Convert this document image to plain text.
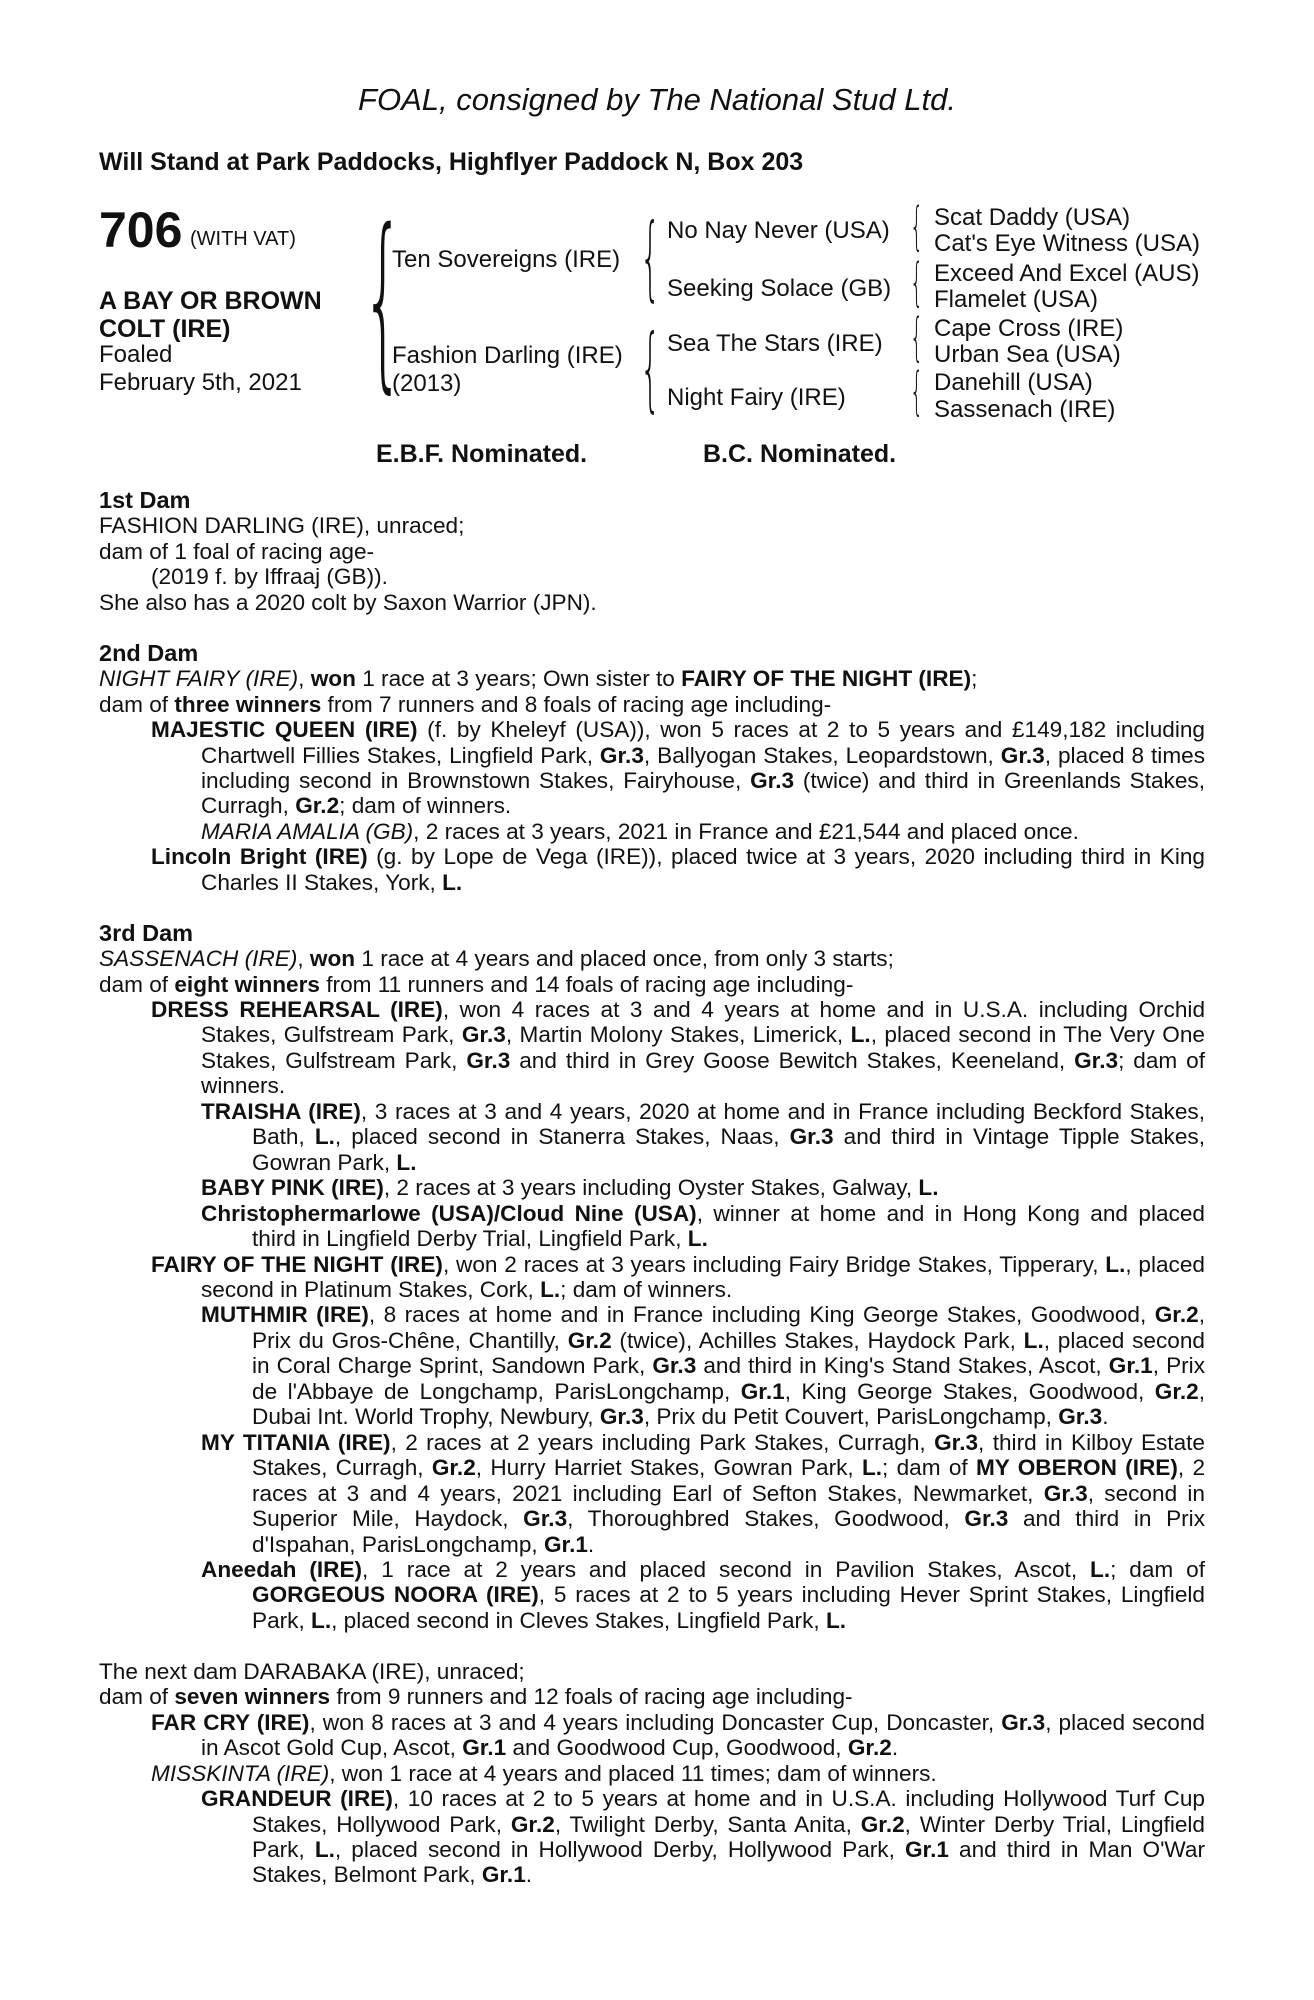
FOAL, consigned by The National Stud Ltd.
Will Stand at Park Paddocks, Highflyer Paddock N, Box 203
706 (WITH VAT)
A BAY OR BROWN
COLT (IRE)
Foaled
February 5th, 2021 {
Ten Sovereigns (IRE)
Fashion Darling (IRE)
(2013)
{ No Nay Never (USA)
Seeking Solace (GB)
{ Sea The Stars (IRE)
Night Fairy (IRE)
{ Scat Daddy (USA)
Cat's Eye Witness (USA)
{ Exceed And Excel (AUS)
Flamelet (USA)
{ Cape Cross (IRE)
Urban Sea (USA)
{ Danehill (USA)
Sassenach (IRE)
E.B.F. Nominated.	B.C. Nominated.
1st Dam
FASHION DARLING (IRE), unraced;
dam of 1 foal of racing age-
(2019 f. by Iffraaj (GB)).
She also has a 2020 colt by Saxon Warrior (JPN).
2nd Dam
NIGHT FAIRY (IRE), won 1 race at 3 years; Own sister to FAIRY OF THE NIGHT (IRE);
dam of three winners from 7 runners and 8 foals of racing age including-
MAJESTIC QUEEN (IRE) (f. by Kheleyf (USA)), won 5 races at 2 to 5 years and £149,182 including Chartwell Fillies Stakes, Lingfield Park, Gr.3, Ballyogan Stakes, Leopardstown, Gr.3, placed 8 times including second in Brownstown Stakes, Fairyhouse, Gr.3 (twice) and third in Greenlands Stakes, Curragh, Gr.2; dam of winners.
MARIA AMALIA (GB), 2 races at 3 years, 2021 in France and £21,544 and placed once.
Lincoln Bright (IRE) (g. by Lope de Vega (IRE)), placed twice at 3 years, 2020 including third in King Charles II Stakes, York, L.
3rd Dam
SASSENACH (IRE), won 1 race at 4 years and placed once, from only 3 starts;
dam of eight winners from 11 runners and 14 foals of racing age including-
DRESS REHEARSAL (IRE), won 4 races at 3 and 4 years at home and in U.S.A. including Orchid Stakes, Gulfstream Park, Gr.3, Martin Molony Stakes, Limerick, L., placed second in The Very One Stakes, Gulfstream Park, Gr.3 and third in Grey Goose Bewitch Stakes, Keeneland, Gr.3; dam of winners.
TRAISHA (IRE), 3 races at 3 and 4 years, 2020 at home and in France including Beckford Stakes, Bath, L., placed second in Stanerra Stakes, Naas, Gr.3 and third in Vintage Tipple Stakes, Gowran Park, L.
BABY PINK (IRE), 2 races at 3 years including Oyster Stakes, Galway, L.
Christophermarlowe (USA)/Cloud Nine (USA), winner at home and in Hong Kong and placed third in Lingfield Derby Trial, Lingfield Park, L.
FAIRY OF THE NIGHT (IRE), won 2 races at 3 years including Fairy Bridge Stakes, Tipperary, L., placed second in Platinum Stakes, Cork, L.; dam of winners.
MUTHMIR (IRE), 8 races at home and in France including King George Stakes, Goodwood, Gr.2, Prix du Gros-Chêne, Chantilly, Gr.2 (twice), Achilles Stakes, Haydock Park, L., placed second in Coral Charge Sprint, Sandown Park, Gr.3 and third in King's Stand Stakes, Ascot, Gr.1, Prix de l'Abbaye de Longchamp, ParisLongchamp, Gr.1, King George Stakes, Goodwood, Gr.2, Dubai Int. World Trophy, Newbury, Gr.3, Prix du Petit Couvert, ParisLongchamp, Gr.3.
MY TITANIA (IRE), 2 races at 2 years including Park Stakes, Curragh, Gr.3, third in Kilboy Estate Stakes, Curragh, Gr.2, Hurry Harriet Stakes, Gowran Park, L.; dam of MY OBERON (IRE), 2 races at 3 and 4 years, 2021 including Earl of Sefton Stakes, Newmarket, Gr.3, second in Superior Mile, Haydock, Gr.3, Thoroughbred Stakes, Goodwood, Gr.3 and third in Prix d'Ispahan, ParisLongchamp, Gr.1.
Aneedah (IRE), 1 race at 2 years and placed second in Pavilion Stakes, Ascot, L.; dam of GORGEOUS NOORA (IRE), 5 races at 2 to 5 years including Hever Sprint Stakes, Lingfield Park, L., placed second in Cleves Stakes, Lingfield Park, L.
The next dam DARABAKA (IRE), unraced;
dam of seven winners from 9 runners and 12 foals of racing age including-
FAR CRY (IRE), won 8 races at 3 and 4 years including Doncaster Cup, Doncaster, Gr.3, placed second in Ascot Gold Cup, Ascot, Gr.1 and Goodwood Cup, Goodwood, Gr.2.
MISSKINTA (IRE), won 1 race at 4 years and placed 11 times; dam of winners.
GRANDEUR (IRE), 10 races at 2 to 5 years at home and in U.S.A. including Hollywood Turf Cup Stakes, Hollywood Park, Gr.2, Twilight Derby, Santa Anita, Gr.2, Winter Derby Trial, Lingfield Park, L., placed second in Hollywood Derby, Hollywood Park, Gr.1 and third in Man O'War Stakes, Belmont Park, Gr.1.
